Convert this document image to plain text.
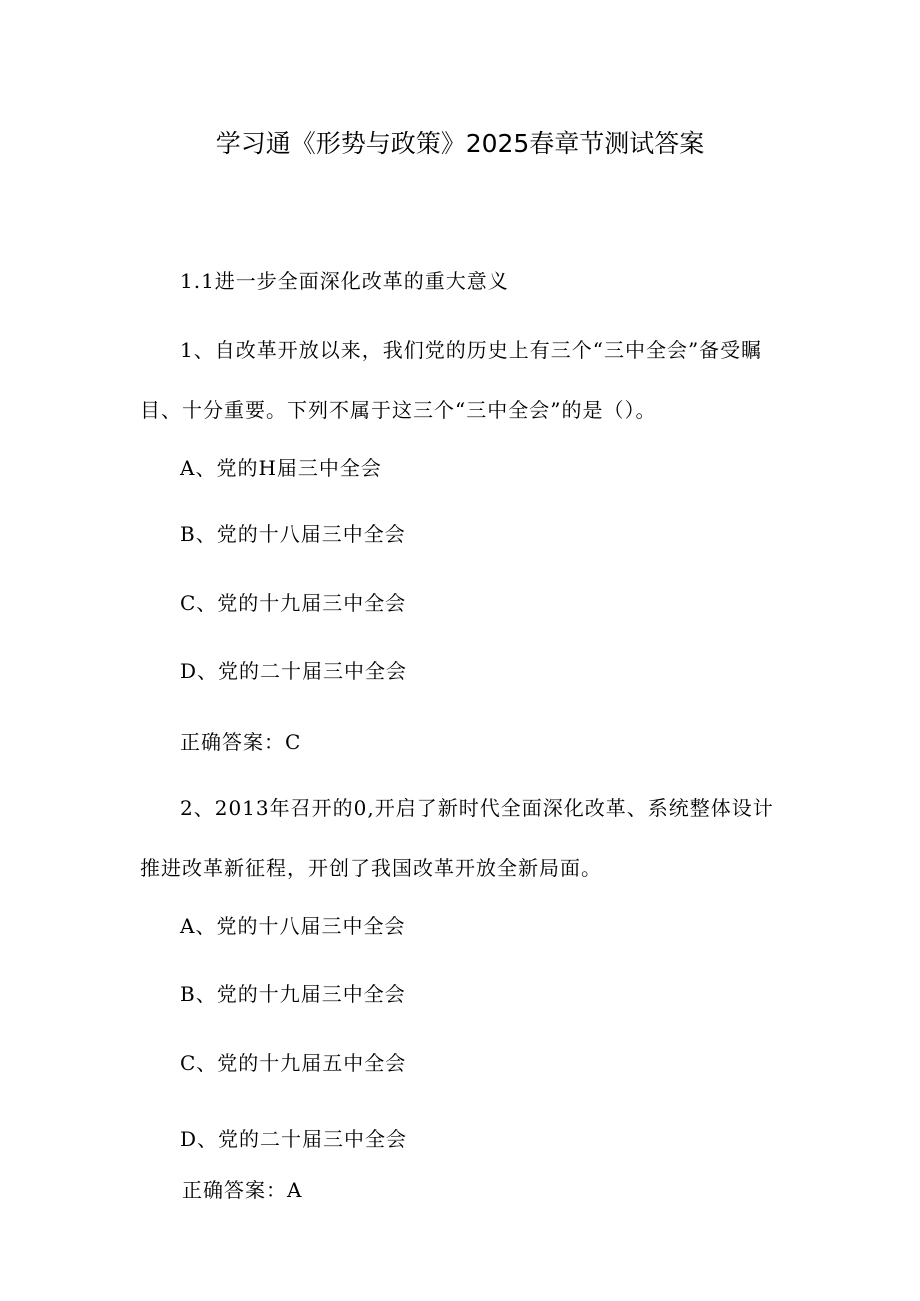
学习通《形势与政策》2025春章节测试答案
1.1进一步全面深化改革的重大意义
1、自改革开放以来，我们党的历史上有三个“三中全会”备受瞩目、十分重要。下列不属于这三个“三中全会”的是（）。
A、党的H届三中全会
B、党的十八届三中全会
C、党的十九届三中全会
D、党的二十届三中全会
正确答案：C
2、2013年召开的0,开启了新时代全面深化改革、系统整体设计推进改革新征程，开创了我国改革开放全新局面。
A、党的十八届三中全会
B、党的十九届三中全会
C、党的十九届五中全会
D、党的二十届三中全会
正确答案：A
